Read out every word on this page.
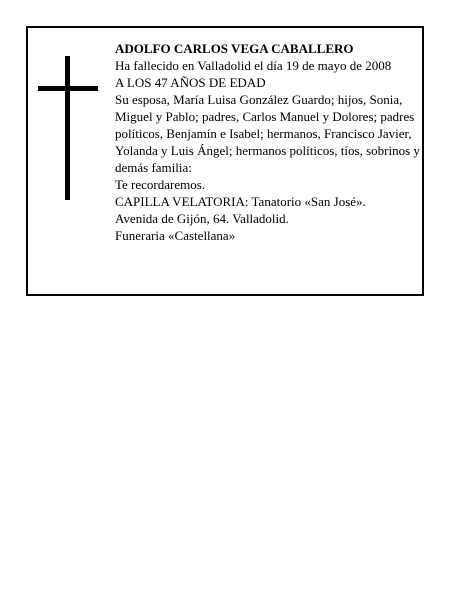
ADOLFO CARLOS VEGA CABALLERO

Ha fallecido en Valladolid el día 19 de mayo de 2008

A LOS 47 AÑOS DE EDAD

Su esposa, María Luisa González Guardo; hijos, Sonia, Miguel y Pablo; padres, Carlos Manuel y Dolores; padres políticos, Benjamín e Isabel; hermanos, Francisco Javier, Yolanda y Luis Ángel; hermanos políticos, tíos, sobrinos y demás familia:

Te recordaremos.

CAPILLA VELATORIA: Tanatorio «San José».

Avenida de Gijón, 64. Valladolid.

Funeraria «Castellana»
